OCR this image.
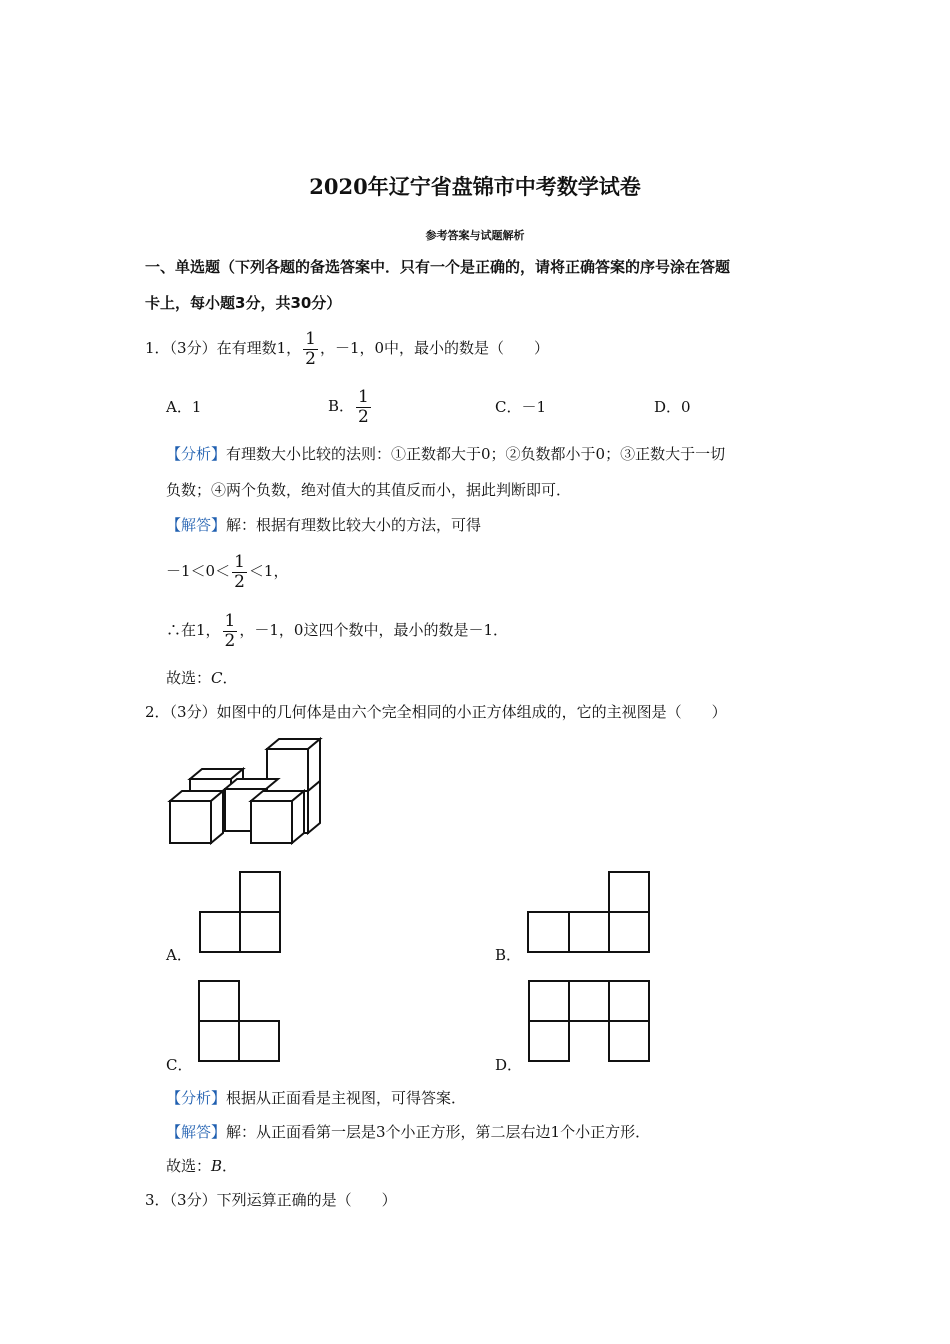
2020年辽宁省盘锦市中考数学试卷
参考答案与试题解析
一、单选题（下列各题的备选答案中．只有一个是正确的，请将正确答案的序号涂在答题
卡上，每小题3分，共30分）
1．（3分）在有理数1， $\frac{1}{2}$ ，－1，0中，最小的数是（　　）
A．1	B． $\frac{1}{2}$	C．－1	D．0
【分析】有理数大小比较的法则：①正数都大于0；②负数都小于0；③正数大于一切
负数；④两个负数，绝对值大的其值反而小，据此判断即可．
【解答】解：根据有理数比较大小的方法，可得
$-1<0< \frac{1}{2} <1$，
∴在1， $\frac{1}{2}$ ，－1，0这四个数中，最小的数是－1．
故选：C．
2．（3分）如图中的几何体是由六个完全相同的小正方体组成的，它的主视图是（　　）
A．	B．
C．	D．
【分析】根据从正面看是主视图，可得答案．
【解答】解：从正面看第一层是3个小正方形，第二层右边1个小正方形．
故选：B．
3．（3分）下列运算正确的是（　　）
